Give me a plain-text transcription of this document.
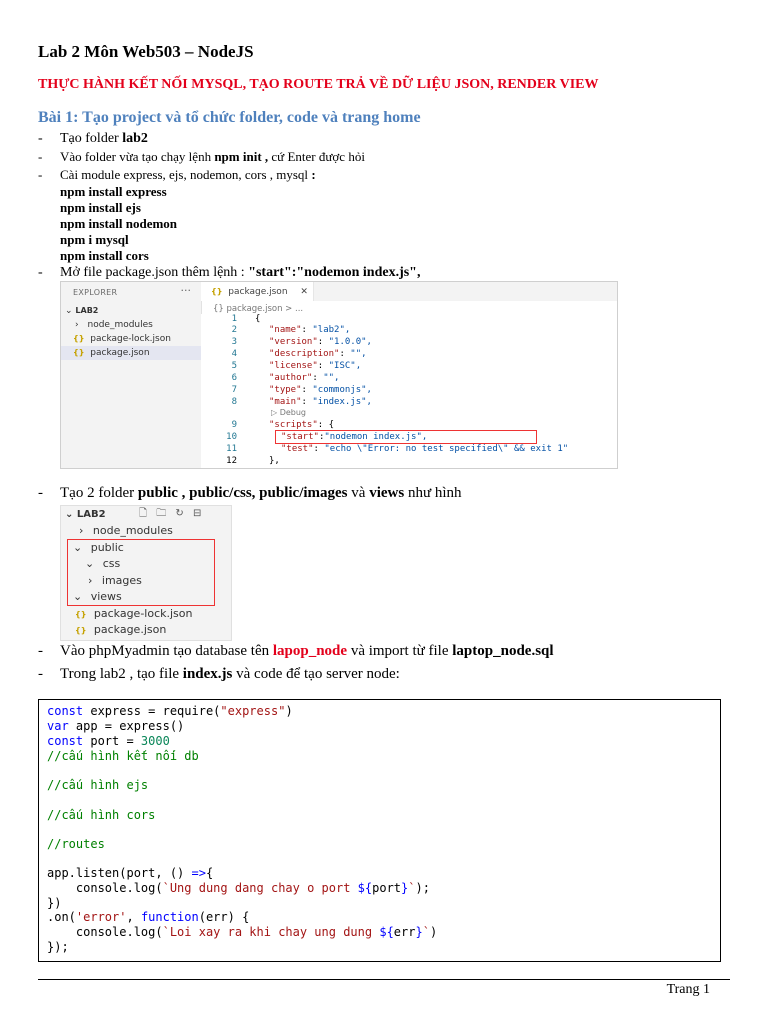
Lab 2 Môn Web503 – NodeJS
THỰC HÀNH KẾT NỐI MYSQL, TẠO ROUTE TRẢ VỀ DỮ LIỆU JSON, RENDER VIEW
Bài 1: Tạo project và tổ chức folder, code và trang home
- Tạo folder lab2
- Vào folder vừa tạo chạy lệnh npm init , cứ Enter được hỏi
- Cài module express, ejs, nodemon, cors , mysql :
npm install express
npm install ejs
npm install nodemon
npm i mysql
npm install cors
- Mở file package.json thêm lệnh : "start":"nodemon index.js",
EXPLORER	···
⌄ LAB2
› node_modules
{} package-lock.json
{} package.json
{} package.json ✕
{} package.json > ...
1 {
2	"name": "lab2",
3	"version": "1.0.0",
4	"description": "",
5	"license": "ISC",
6	"author": "",
7	"type": "commonjs",
8	"main": "index.js",
▷ Debug
9	"scripts": {
10	"start":"nodemon index.js",
11	"test": "echo \"Error: no test specified\" && exit 1"
12	},
- Tạo 2 folder public , public/css, public/images và views như hình
⌄ LAB2	🗋 🗀 ↻ ⊟
› node_modules
⌄ public
⌄ css
› images
⌄ views
{} package-lock.json
{} package.json
- Vào phpMyadmin tạo database tên lapop_node và import từ file laptop_node.sql
- Trong lab2 , tạo file index.js và code để tạo server node:
const express = require("express")
var app = express()
const port = 3000
//cấu hình kết nối db
//cấu hình ejs
//cấu hình cors
//routes
app.listen(port, () =>{
console.log(`Ung dung dang chay o port ${port}`);
})
.on('error', function(err) {
console.log(`Loi xay ra khi chay ung dung ${err}`)
});
Trang 1
